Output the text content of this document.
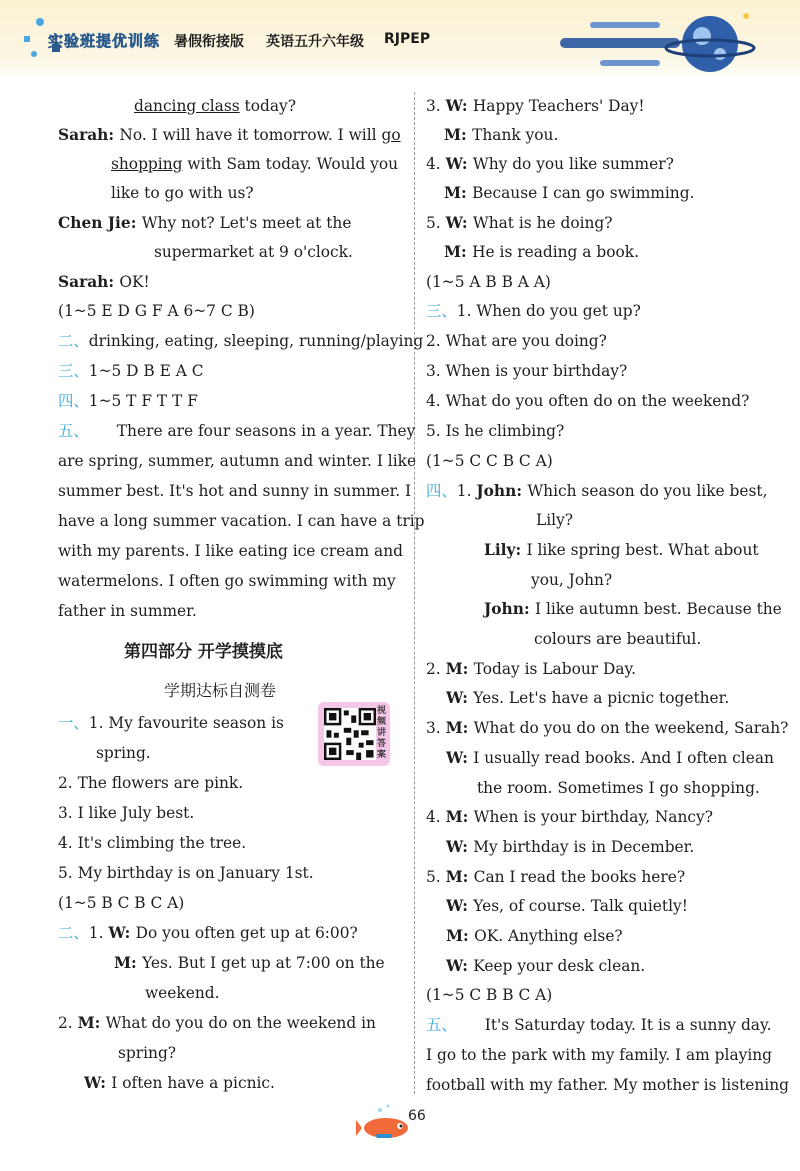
实验班提优训练 暑假衔接版 英语五升六年级 RJPEP
dancing class today?
Sarah: No. I will have it tomorrow. I will go
shopping with Sam today. Would you
like to go with us?
Chen Jie: Why not? Let's meet at the
supermarket at 9 o'clock.
Sarah: OK!
(1~5 E D G F A 6~7 C B)
二、drinking, eating, sleeping, running/playing
三、1~5 D B E A C
四、1~5 T F T T F
五、 There are four seasons in a year. They
are spring, summer, autumn and winter. I like
summer best. It's hot and sunny in summer. I
have a long summer vacation. I can have a trip
with my parents. I like eating ice cream and
watermelons. I often go swimming with my
father in summer.
第四部分 开学摸摸底
学期达标自测卷
一、1. My favourite season is
spring.
2. The flowers are pink.
3. I like July best.
4. It's climbing the tree.
5. My birthday is on January 1st.
(1~5 B C B C A)
二、1. W: Do you often get up at 6:00?
M: Yes. But I get up at 7:00 on the
weekend.
2. M: What do you do on the weekend in
spring?
W: I often have a picnic.
视频讲答案
3. W: Happy Teachers' Day!
M: Thank you.
4. W: Why do you like summer?
M: Because I can go swimming.
5. W: What is he doing?
M: He is reading a book.
(1~5 A B B A A)
三、1. When do you get up?
2. What are you doing?
3. When is your birthday?
4. What do you often do on the weekend?
5. Is he climbing?
(1~5 C C B C A)
四、1. John: Which season do you like best,
Lily?
Lily: I like spring best. What about
you, John?
John: I like autumn best. Because the
colours are beautiful.
2. M: Today is Labour Day.
W: Yes. Let's have a picnic together.
3. M: What do you do on the weekend, Sarah?
W: I usually read books. And I often clean
the room. Sometimes I go shopping.
4. M: When is your birthday, Nancy?
W: My birthday is in December.
5. M: Can I read the books here?
W: Yes, of course. Talk quietly!
M: OK. Anything else?
W: Keep your desk clean.
(1~5 C B B C A)
五、 It's Saturday today. It is a sunny day.
I go to the park with my family. I am playing
football with my father. My mother is listening
66
